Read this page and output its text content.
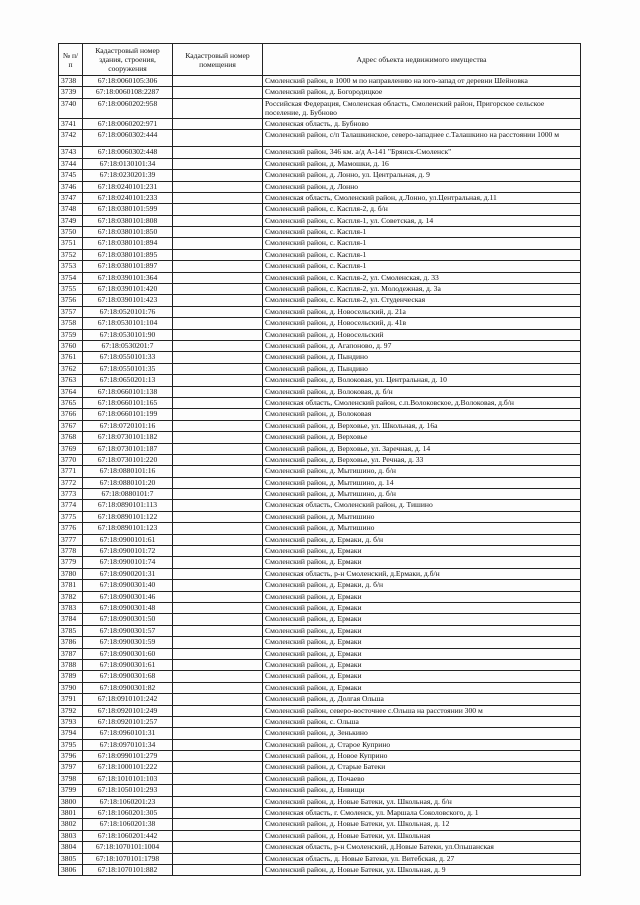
№ п/п	Кадастровый номер здания, строения, сооружения	Кадастровый номер помещения	Адрес объекта недвижимого имущества
3738	67:18:0060105:306		Смоленский район, в 1000 м по направлению на юго-запад от деревни Шейновка
3739	67:18:0060108:2287		Смоленский район, д. Богородицкое
3740	67:18:0060202:958		Российская Федерация, Смоленская область, Смоленский район, Пригорское сельское поселение, д. Бубново
3741	67:18:0060202:971		Смоленская область, д. Бубново
3742	67:18:0060302:444		Смоленский район, с/п Талашкинское, северо-западнее с.Талашкино на расстоянии 1000 м
3743	67:18:0060302:448		Смоленский район, 346 км. а/д А-141 "Брянск-Смоленск"
3744	67:18:0130101:34		Смоленский район, д. Мамошки, д. 16
3745	67:18:0230201:39		Смоленский район, д. Лонно, ул. Центральная, д. 9
3746	67:18:0240101:231		Смоленский район, д. Лонно
3747	67:18:0240101:233		Смоленская область, Смоленский район, д.Лонно, ул.Центральная, д.11
3748	67:18:0380101:599		Смоленский район, с. Каспля-2, д. б/н
3749	67:18:0380101:808		Смоленский район, с. Каспля-1, ул. Советская, д. 14
3750	67:18:0380101:850		Смоленский район, с. Каспля-1
3751	67:18:0380101:894		Смоленский район, с. Каспля-1
3752	67:18:0380101:895		Смоленский район, с. Каспля-1
3753	67:18:0380101:897		Смоленский район, с. Каспля-1
3754	67:18:0390101:364		Смоленский район, с. Каспля-2, ул. Смоленская, д. 33
3755	67:18:0390101:420		Смоленский район, с. Каспля-2, ул. Молодежная, д. 3а
3756	67:18:0390101:423		Смоленский район, с. Каспля-2, ул. Студенческая
3757	67:18:0520101:76		Смоленский район, д. Новосельский, д. 21а
3758	67:18:0530101:104		Смоленский район, д. Новосельский, д. 41в
3759	67:18:0530101:90		Смоленский район, д. Новосельский
3760	67:18:0530201:7		Смоленский район, д. Агапоново, д. 97
3761	67:18:0550101:33		Смоленский район, д. Пындино
3762	67:18:0550101:35		Смоленский район, д. Пындино
3763	67:18:0650201:13		Смоленский район, д. Волоковая, ул. Центральная, д. 10
3764	67:18:0660101:138		Смоленский район, д. Волоковая, д. б/н
3765	67:18:0660101:165		Смоленская область, Смоленский район, с.п.Волоковское, д.Волоковая, д.б/н
3766	67:18:0660101:199		Смоленский район, д. Волоковая
3767	67:18:0720101:16		Смоленский район, д. Верховье, ул. Школьная, д. 16а
3768	67:18:0730101:182		Смоленский район, д. Верховье
3769	67:18:0730101:187		Смоленский район, д. Верховье, ул. Заречная, д. 14
3770	67:18:0730101:220		Смоленский район, д. Верховье, ул. Речная, д. 33
3771	67:18:0880101:16		Смоленский район, д. Мытишино, д. б/н
3772	67:18:0880101:20		Смоленский район, д. Мытишино, д. 14
3773	67:18:0880101:7		Смоленский район, д. Мытишино, д. б/н
3774	67:18:0890101:113		Смоленская область, Смоленский район, д. Тишино
3775	67:18:0890101:122		Смоленский район, д. Мытишино
3776	67:18:0890101:123		Смоленский район, д. Мытишино
3777	67:18:0900101:61		Смоленский район, д. Ермаки, д. б/н
3778	67:18:0900101:72		Смоленский район, д. Ермаки
3779	67:18:0900101:74		Смоленский район, д. Ермаки
3780	67:18:0900201:31		Смоленская область, р-н Смоленский, д.Ермаки, д.б/н
3781	67:18:0900301:40		Смоленский район, д. Ермаки, д. б/н
3782	67:18:0900301:46		Смоленский район, д. Ермаки
3783	67:18:0900301:48		Смоленский район, д. Ермаки
3784	67:18:0900301:50		Смоленский район, д. Ермаки
3785	67:18:0900301:57		Смоленский район, д. Ермаки
3786	67:18:0900301:59		Смоленский район, д. Ермаки
3787	67:18:0900301:60		Смоленский район, д. Ермаки
3788	67:18:0900301:61		Смоленский район, д. Ермаки
3789	67:18:0900301:68		Смоленский район, д. Ермаки
3790	67:18:0900301:82		Смоленский район, д. Ермаки
3791	67:18:0910101:242		Смоленский район, д. Долгая Ольша
3792	67:18:0920101:249		Смоленский район, северо-восточнее с.Ольша на расстоянии 300 м
3793	67:18:0920101:257		Смоленский район, с. Ольша
3794	67:18:0960101:31		Смоленский район, д. Зенькино
3795	67:18:0970101:34		Смоленский район, д. Старое Куприно
3796	67:18:0990101:279		Смоленский район, д. Новое Куприно
3797	67:18:1000101:222		Смоленский район, д. Старые Батеки
3798	67:18:1010101:103		Смоленский район, д. Почаево
3799	67:18:1050101:293		Смоленский район, д. Нивищи
3800	67:18:1060201:23		Смоленский район, д. Новые Батеки, ул. Школьная, д. б/н
3801	67:18:1060201:305		Смоленская область, г. Смоленск, ул. Маршала Соколовского, д. 1
3802	67:18:1060201:38		Смоленский район, д. Новые Батеки, ул. Школьная, д. 12
3803	67:18:1060201:442		Смоленский район, д. Новые Батеки, ул. Школьная
3804	67:18:1070101:1004		Смоленская область, р-н Смоленский, д.Новые Батеки, ул.Ольшанская
3805	67:18:1070101:1798		Смоленская область, д. Новые Батеки, ул. Витебская, д. 27
3806	67:18:1070101:882		Смоленский район, д. Новые Батеки, ул. Школьная, д. 9
